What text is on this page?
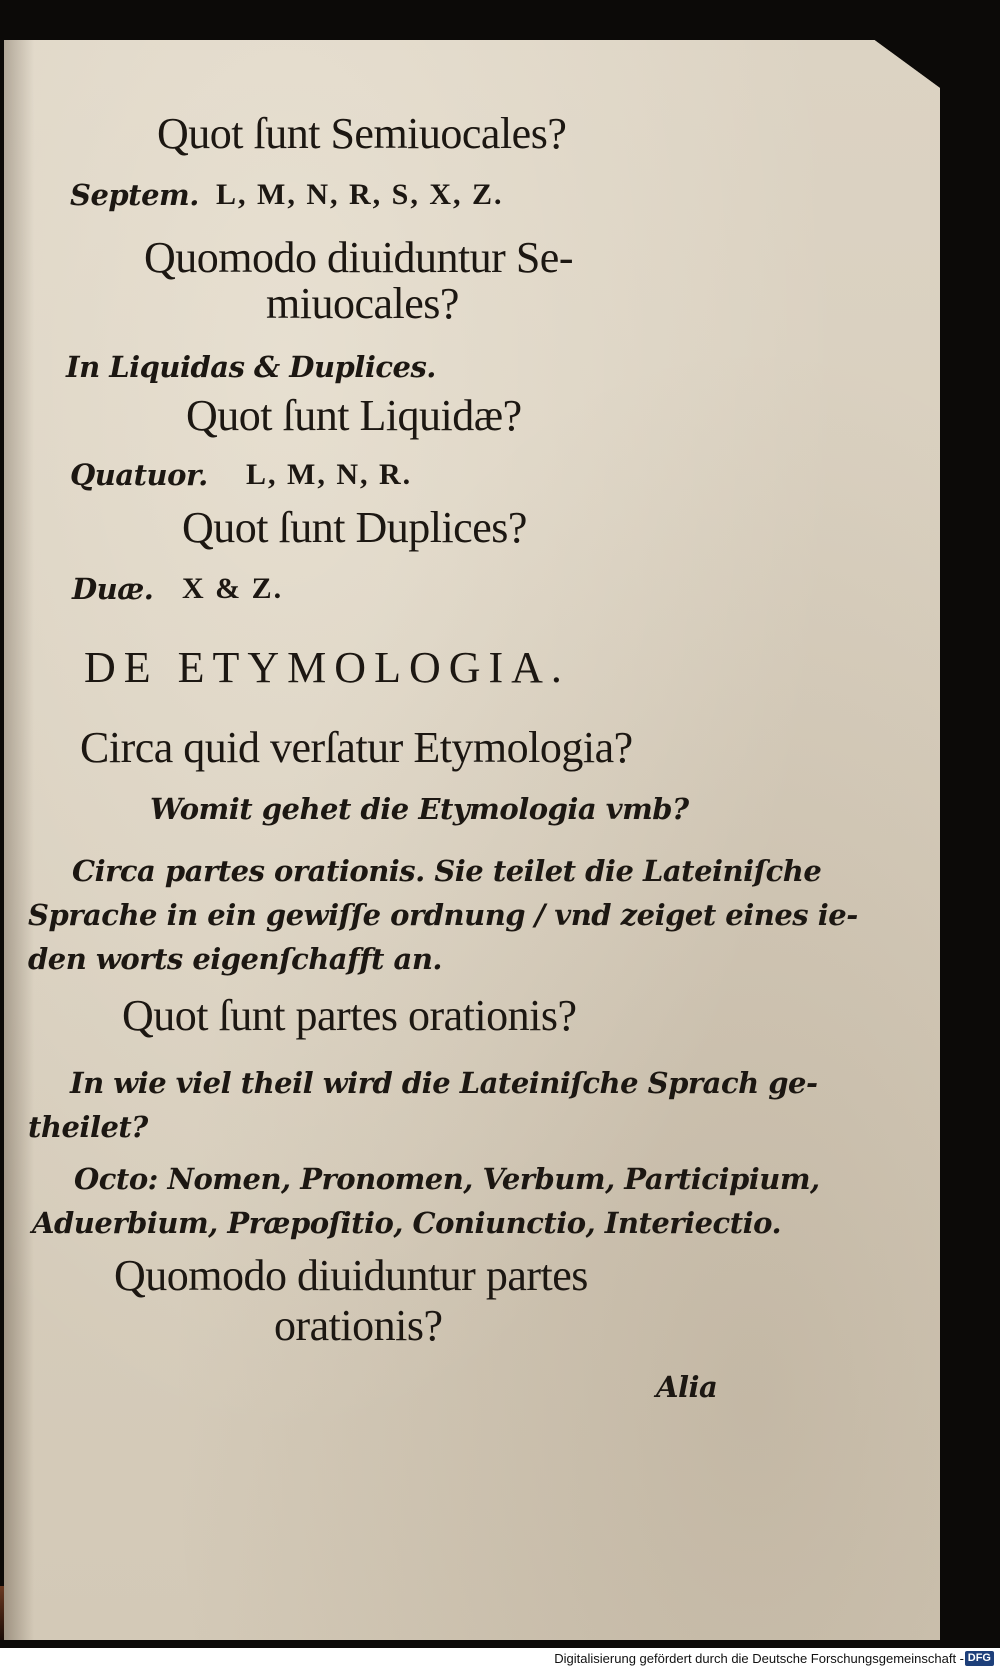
Quot ſunt Semiuocales?
Septem. L, M, N, R, S, X, Z.
Quomodo diuiduntur Se-
miuocales?
In Liquidas & Duplices.
Quot ſunt Liquidæ?
Quatuor. L, M, N, R.
Quot ſunt Duplices?
Duæ. X & Z.
DE ETYMOLOGIA.
Circa quid verſatur Etymologia?
Womit gehet die Etymologia vmb?
Circa partes orationis. Sie teilet die Lateiniſche
Sprache in ein gewiſſe ordnung / vnd zeiget eines ie-
den worts eigenſchafft an.
Quot ſunt partes orationis?
In wie viel theil wird die Lateiniſche Sprach ge-
theilet?
Octo: Nomen, Pronomen, Verbum, Participium,
Aduerbium, Præpoſitio, Coniunctio, Interiectio.
Quomodo diuiduntur partes
orationis?
Alia
Digitalisierung gefördert durch die Deutsche Forschungsgemeinschaft - DFG
